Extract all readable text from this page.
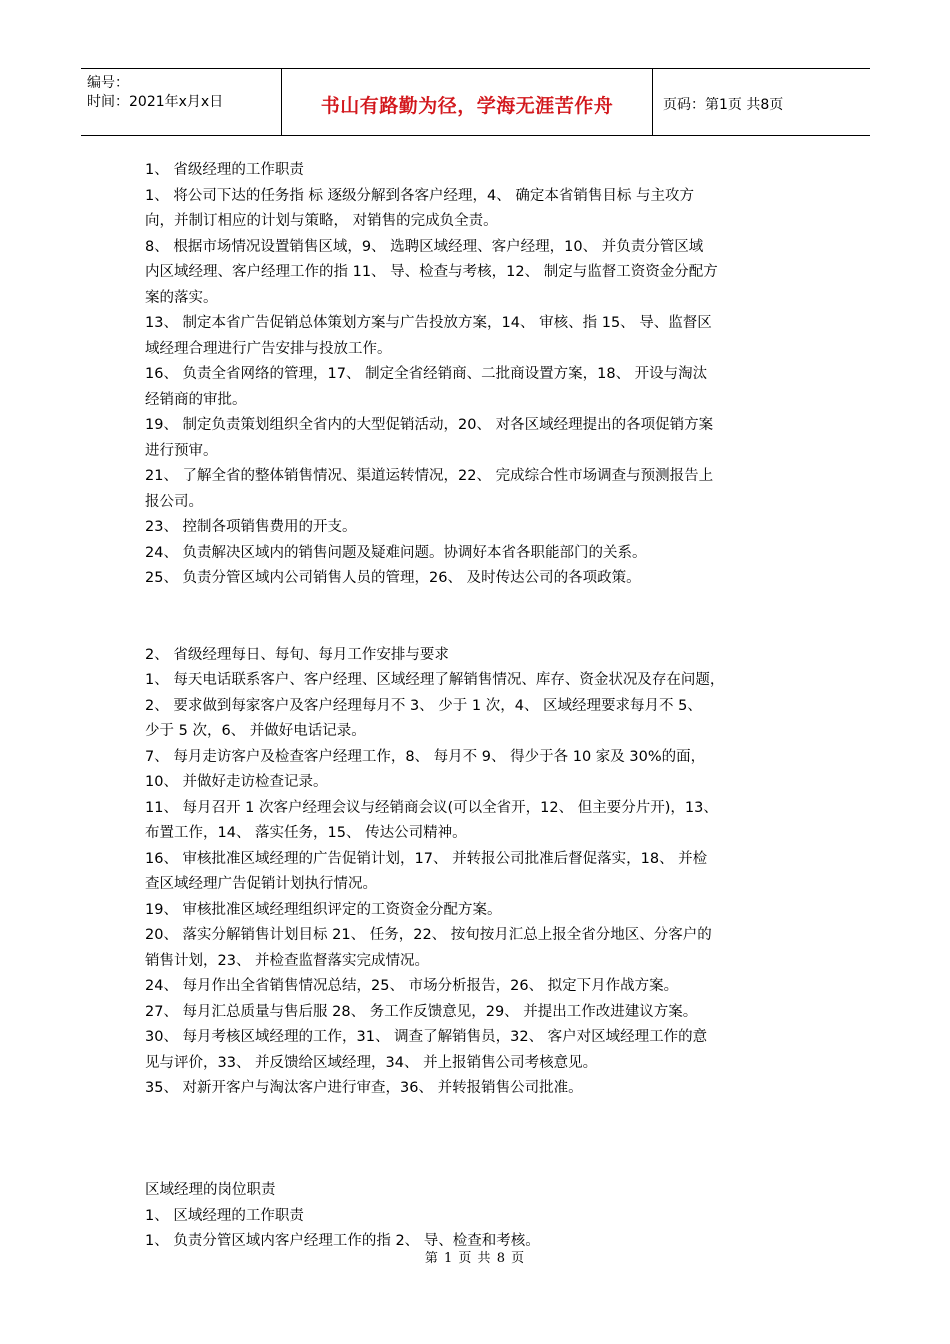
编号：
时间：2021年x月x日	书山有路勤为径，学海无涯苦作舟	页码：第1页 共8页
1、 省级经理的工作职责
1、 将公司下达的任务指 标 逐级分解到各客户经理，4、 确定本省销售目标 与主攻方
向，并制订相应的计划与策略， 对销售的完成负全责。
8、 根据市场情况设置销售区域，9、 选聘区域经理、客户经理，10、 并负责分管区域
内区域经理、客户经理工作的指 11、 导、检查与考核，12、 制定与监督工资资金分配方
案的落实。
13、 制定本省广告促销总体策划方案与广告投放方案，14、 审核、指 15、 导、监督区
域经理合理进行广告安排与投放工作。
16、 负责全省网络的管理，17、 制定全省经销商、二批商设置方案，18、 开设与淘汰
经销商的审批。
19、 制定负责策划组织全省内的大型促销活动，20、 对各区域经理提出的各项促销方案
进行预审。
21、 了解全省的整体销售情况、渠道运转情况，22、 完成综合性市场调查与预测报告上
报公司。
23、 控制各项销售费用的开支。
24、 负责解决区域内的销售问题及疑难问题。协调好本省各职能部门的关系。
25、 负责分管区域内公司销售人员的管理，26、 及时传达公司的各项政策。
2、 省级经理每日、每旬、每月工作安排与要求
1、 每天电话联系客户、客户经理、区域经理了解销售情况、库存、资金状况及存在问题，
2、 要求做到每家客户及客户经理每月不 3、 少于 1 次，4、 区域经理要求每月不 5、
少于 5 次，6、 并做好电话记录。
7、 每月走访客户及检查客户经理工作，8、 每月不 9、 得少于各 10 家及 30%的面，
10、 并做好走访检查记录。
11、 每月召开 1 次客户经理会议与经销商会议(可以全省开，12、 但主要分片开)，13、
布置工作，14、 落实任务，15、 传达公司精神。
16、 审核批准区域经理的广告促销计划，17、 并转报公司批准后督促落实，18、 并检
查区域经理广告促销计划执行情况。
19、 审核批准区域经理组织评定的工资资金分配方案。
20、 落实分解销售计划目标 21、 任务，22、 按旬按月汇总上报全省分地区、分客户的
销售计划，23、 并检查监督落实完成情况。
24、 每月作出全省销售情况总结，25、 市场分析报告，26、 拟定下月作战方案。
27、 每月汇总质量与售后服 28、 务工作反馈意见，29、 并提出工作改进建议方案。
30、 每月考核区域经理的工作，31、 调查了解销售员，32、 客户对区域经理工作的意
见与评价，33、 并反馈给区域经理，34、 并上报销售公司考核意见。
35、 对新开客户与淘汰客户进行审查，36、 并转报销售公司批准。
区域经理的岗位职责
1、 区域经理的工作职责
1、 负责分管区域内客户经理工作的指 2、 导、检查和考核。
第 1 页 共 8 页
